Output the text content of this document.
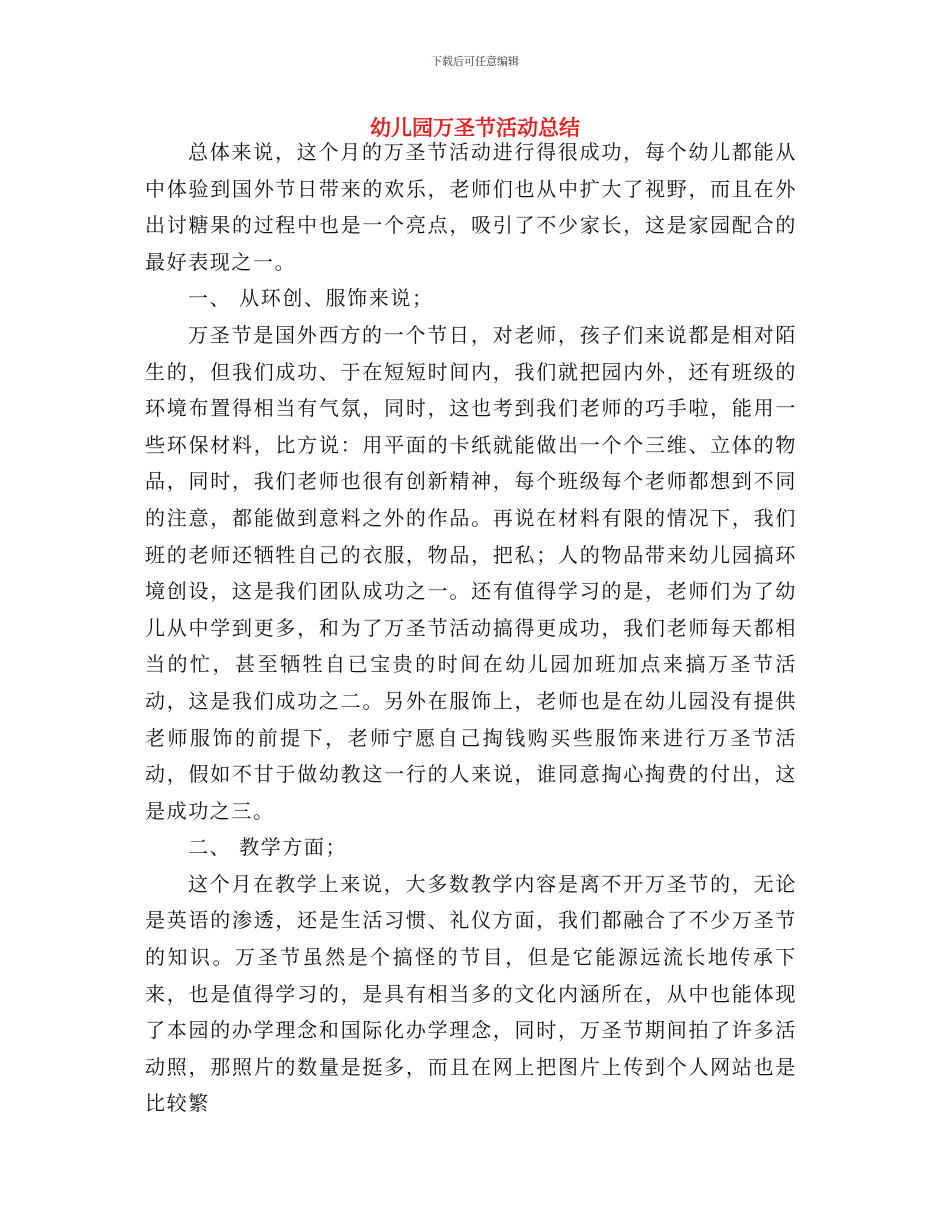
下载后可任意编辑
幼儿园万圣节活动总结

总体来说，这个月的万圣节活动进行得很成功，每个幼儿都能从中体验到国外节日带来的欢乐，老师们也从中扩大了视野，而且在外出讨糖果的过程中也是一个亮点，吸引了不少家长，这是家园配合的最好表现之一。

一、 从环创、服饰来说；

万圣节是国外西方的一个节日，对老师，孩子们来说都是相对陌生的，但我们成功、于在短短时间内，我们就把园内外，还有班级的环境布置得相当有气氛，同时，这也考到我们老师的巧手啦，能用一些环保材料，比方说：用平面的卡纸就能做出一个个三维、立体的物品，同时，我们老师也很有创新精神，每个班级每个老师都想到不同的注意，都能做到意料之外的作品。再说在材料有限的情况下，我们班的老师还牺牲自己的衣服，物品，把私；人的物品带来幼儿园搞环境创设，这是我们团队成功之一。还有值得学习的是，老师们为了幼儿从中学到更多，和为了万圣节活动搞得更成功，我们老师每天都相当的忙，甚至牺牲自已宝贵的时间在幼儿园加班加点来搞万圣节活动，这是我们成功之二。另外在服饰上，老师也是在幼儿园没有提供老师服饰的前提下，老师宁愿自己掏钱购买些服饰来进行万圣节活动，假如不甘于做幼教这一行的人来说，谁同意掏心掏费的付出，这是成功之三。

二、 教学方面；

这个月在教学上来说，大多数教学内容是离不开万圣节的，无论是英语的渗透，还是生活习惯、礼仪方面，我们都融合了不少万圣节的知识。万圣节虽然是个搞怪的节目，但是它能源远流长地传承下来，也是值得学习的，是具有相当多的文化内涵所在，从中也能体现了本园的办学理念和国际化办学理念，同时，万圣节期间拍了许多活动照，那照片的数量是挺多，而且在网上把图片上传到个人网站也是比较繁
